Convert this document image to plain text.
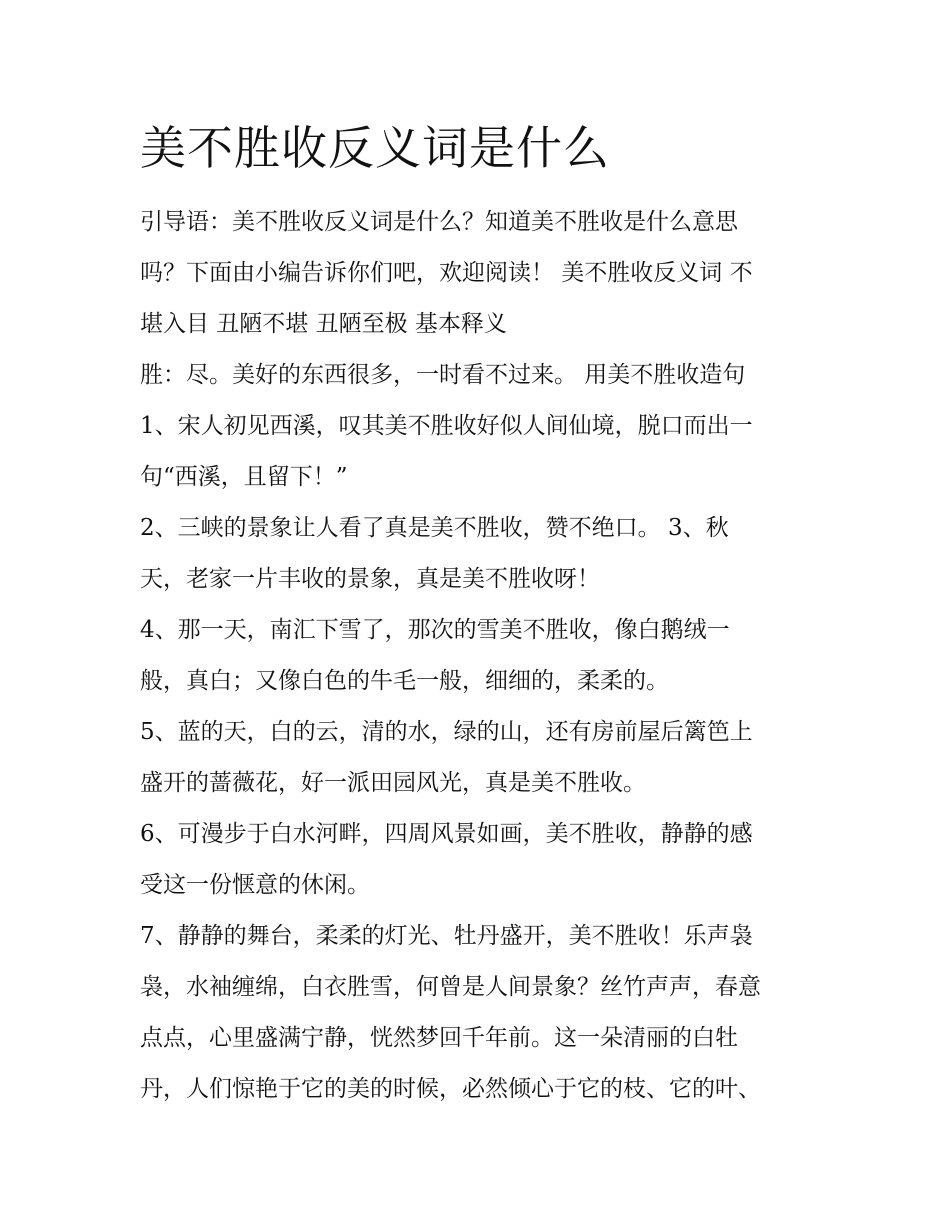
美不胜收反义词是什么
引导语：美不胜收反义词是什么？知道美不胜收是什么意思
吗？下面由小编告诉你们吧，欢迎阅读！ 美不胜收反义词 不
堪入目 丑陋不堪 丑陋至极 基本释义
胜：尽。美好的东西很多，一时看不过来。 用美不胜收造句
1、宋人初见西溪，叹其美不胜收好似人间仙境，脱口而出一
句“西溪，且留下！”
2、三峡的景象让人看了真是美不胜收，赞不绝口。 3、秋
天，老家一片丰收的景象，真是美不胜收呀！
4、那一天，南汇下雪了，那次的雪美不胜收，像白鹅绒一
般，真白；又像白色的牛毛一般，细细的，柔柔的。
5、蓝的天，白的云，清的水，绿的山，还有房前屋后篱笆上
盛开的蔷薇花，好一派田园风光，真是美不胜收。
6、可漫步于白水河畔，四周风景如画，美不胜收，静静的感
受这一份惬意的休闲。
7、静静的舞台，柔柔的灯光、牡丹盛开，美不胜收！乐声袅
袅，水袖缠绵，白衣胜雪，何曾是人间景象？丝竹声声，春意
点点，心里盛满宁静，恍然梦回千年前。这一朵清丽的白牡
丹，人们惊艳于它的美的时候，必然倾心于它的枝、它的叶、
